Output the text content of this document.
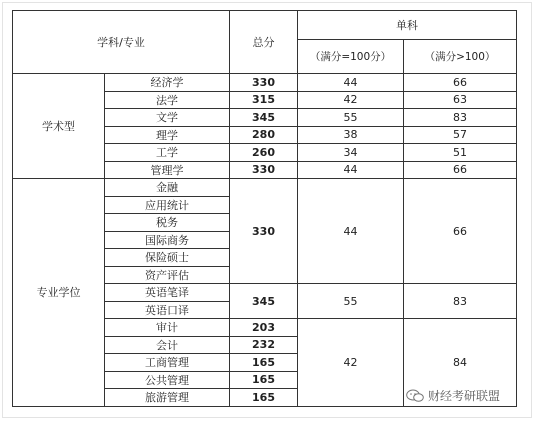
学科/专业		总分	单科	
			（满分=100分）	（满分>100）
学术型	经济学	330	44	66
	法学	315	42	63
	文学	345	55	83
	理学	280	38	57
	工学	260	34	51
	管理学	330	44	66
专业学位	金融	330	44	66
	应用统计			
	税务			
	国际商务			
	保险硕士			
	资产评估			
	英语笔译	345	55	83
	英语口译			
	审计	203	42	84
	会计	232		
	工商管理	165		
	公共管理	165		
	旅游管理	165			财经考研联盟
